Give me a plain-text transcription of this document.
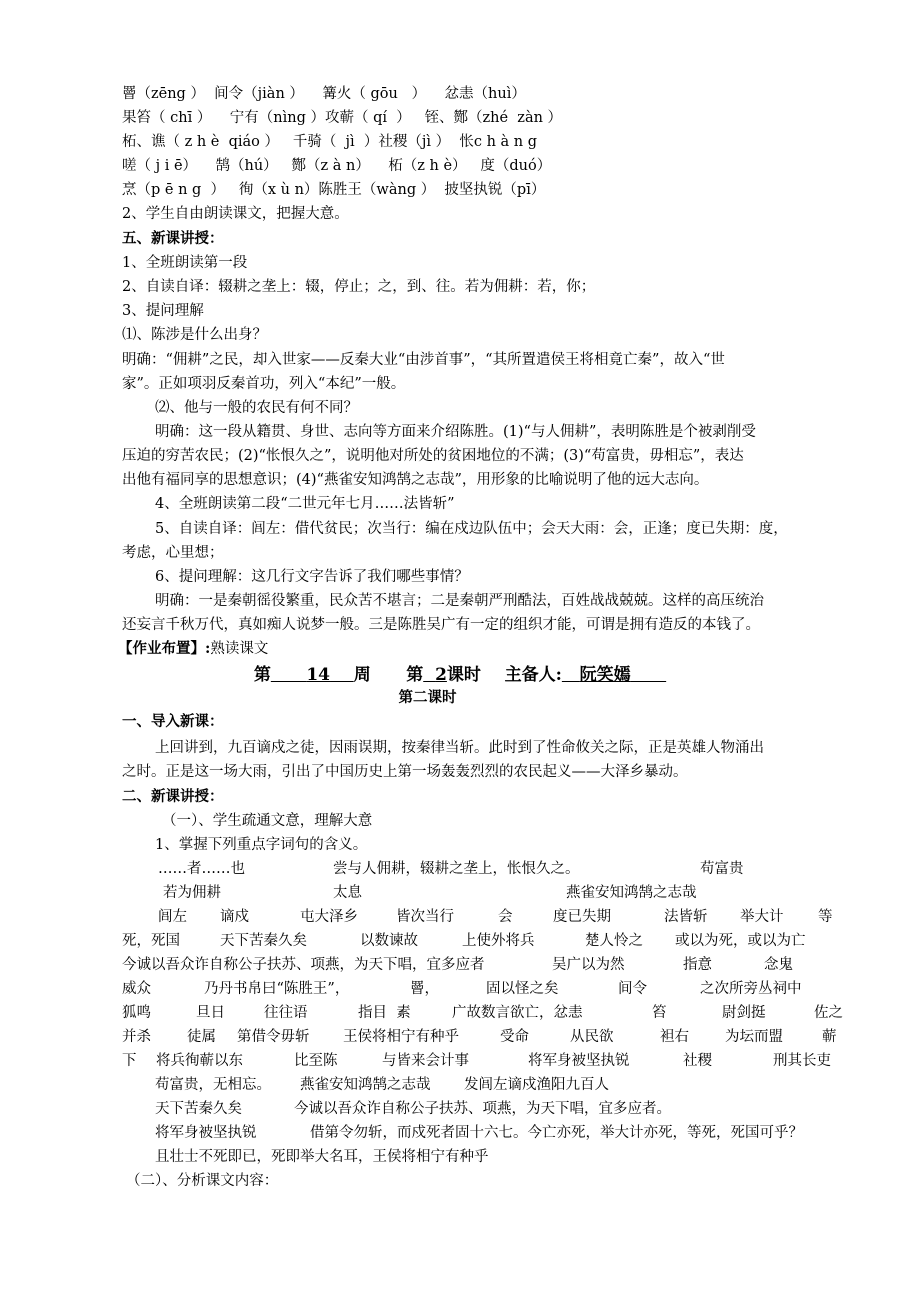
罾（zēng ）  间令（jiàn ）    篝火（ gōu   ）    忿恚（huì）
果笞（ chī ）    宁有（nìng ）攻蕲（ qí  ）   铚、酂（zhé  zàn ）
柘、谯（ z h è  qiáo ）   千骑（  jì  ）社稷（jì ）  怅c h à n g
嗟（ j i ē）    鹄（hú）   酂（z à n）    柘（z h è）   度（duó）
烹（p ē n g  ）   徇（x ù n）陈胜王（wàng ）  披坚执锐（pī）
2、学生自由朗读课文，把握大意。
五、新课讲授：
1、全班朗读第一段
2、自读自译：辍耕之垄上：辍，停止；之，到、往。若为佣耕：若，你；
3、提问理解
⑴、陈涉是什么出身？
明确：“佣耕”之民，却入世家——反秦大业“由涉首事”，“其所置遣侯王将相竟亡秦”，故入“世
家”。正如项羽反秦首功，列入“本纪”一般。
⑵、他与一般的农民有何不同？
明确：这一段从籍贯、身世、志向等方面来介绍陈胜。(1)“与人佣耕”，表明陈胜是个被剥削受
压迫的穷苦农民；(2)“怅恨久之”，说明他对所处的贫困地位的不满；(3)“苟富贵，毋相忘”，表达
出他有福同享的思想意识；(4)“燕雀安知鸿鹄之志哉”，用形象的比喻说明了他的远大志向。
4、全班朗读第二段“二世元年七月……法皆斩”
5、自读自译：闾左：借代贫民；次当行：编在戍边队伍中；会天大雨：会，正逢；度已失期：度，
考虑，心里想；
6、提问理解：这几行文字告诉了我们哪些事情？
明确：一是秦朝徭役繁重，民众苦不堪言；二是秦朝严刑酷法，百姓战战兢兢。这样的高压统治
还妄言千秋万代，真如痴人说梦一般。三是陈胜吴广有一定的组织才能，可谓是拥有造反的本钱了。
【作业布置】:熟读课文
第 14 周 第 2课时 主备人: 阮笑嫣
第二课时
一、导入新课：
上回讲到，九百谪戍之徒，因雨误期，按秦律当斩。此时到了性命攸关之际，正是英雄人物涌出
之时。正是这一场大雨，引出了中国历史上第一场轰轰烈烈的农民起义——大泽乡暴动。
二、新课讲授：
（一）、学生疏通文意，理解大意
1、掌握下列重点字词句的含义。
……者……也	尝与人佣耕，辍耕之垄上，怅恨久之。	苟富贵
若为佣耕	太息	燕雀安知鸿鹄之志哉
闾左 谪戍	屯大泽乡	皆次当行	会	度已失期	法皆斩 举大计 等
死，死国	天下苦秦久矣	以数谏故	上使外将兵	楚人怜之 或以为死，或以为亡
今诚以吾众诈自称公子扶苏、项燕，为天下唱，宜多应者	吴广以为然	指意	念鬼
威众	乃丹书帛曰“陈胜王”，	罾，	固以怪之矣	间令	之次所旁丛祠中
狐鸣	旦日	往往语	指目  素	广故数言欲亡，忿恚	笞	尉剑挺	佐之
并杀 徒属 第借令毋斩 王侯将相宁有种乎	受命	从民欲	袒右 为坛而盟	蕲
下 将兵徇蕲以东	比至陈	与皆来会计事	将军身被坚执锐	社稷	刑其长吏
苟富贵，无相忘。 燕雀安知鸿鹄之志哉 发闾左谪戍渔阳九百人
天下苦秦久矣	今诚以吾众诈自称公子扶苏、项燕，为天下唱，宜多应者。
将军身被坚执锐	借第令勿斩，而戍死者固十六七。今亡亦死，举大计亦死，等死，死国可乎？
且壮士不死即已，死即举大名耳，王侯将相宁有种乎
（二）、分析课文内容：
